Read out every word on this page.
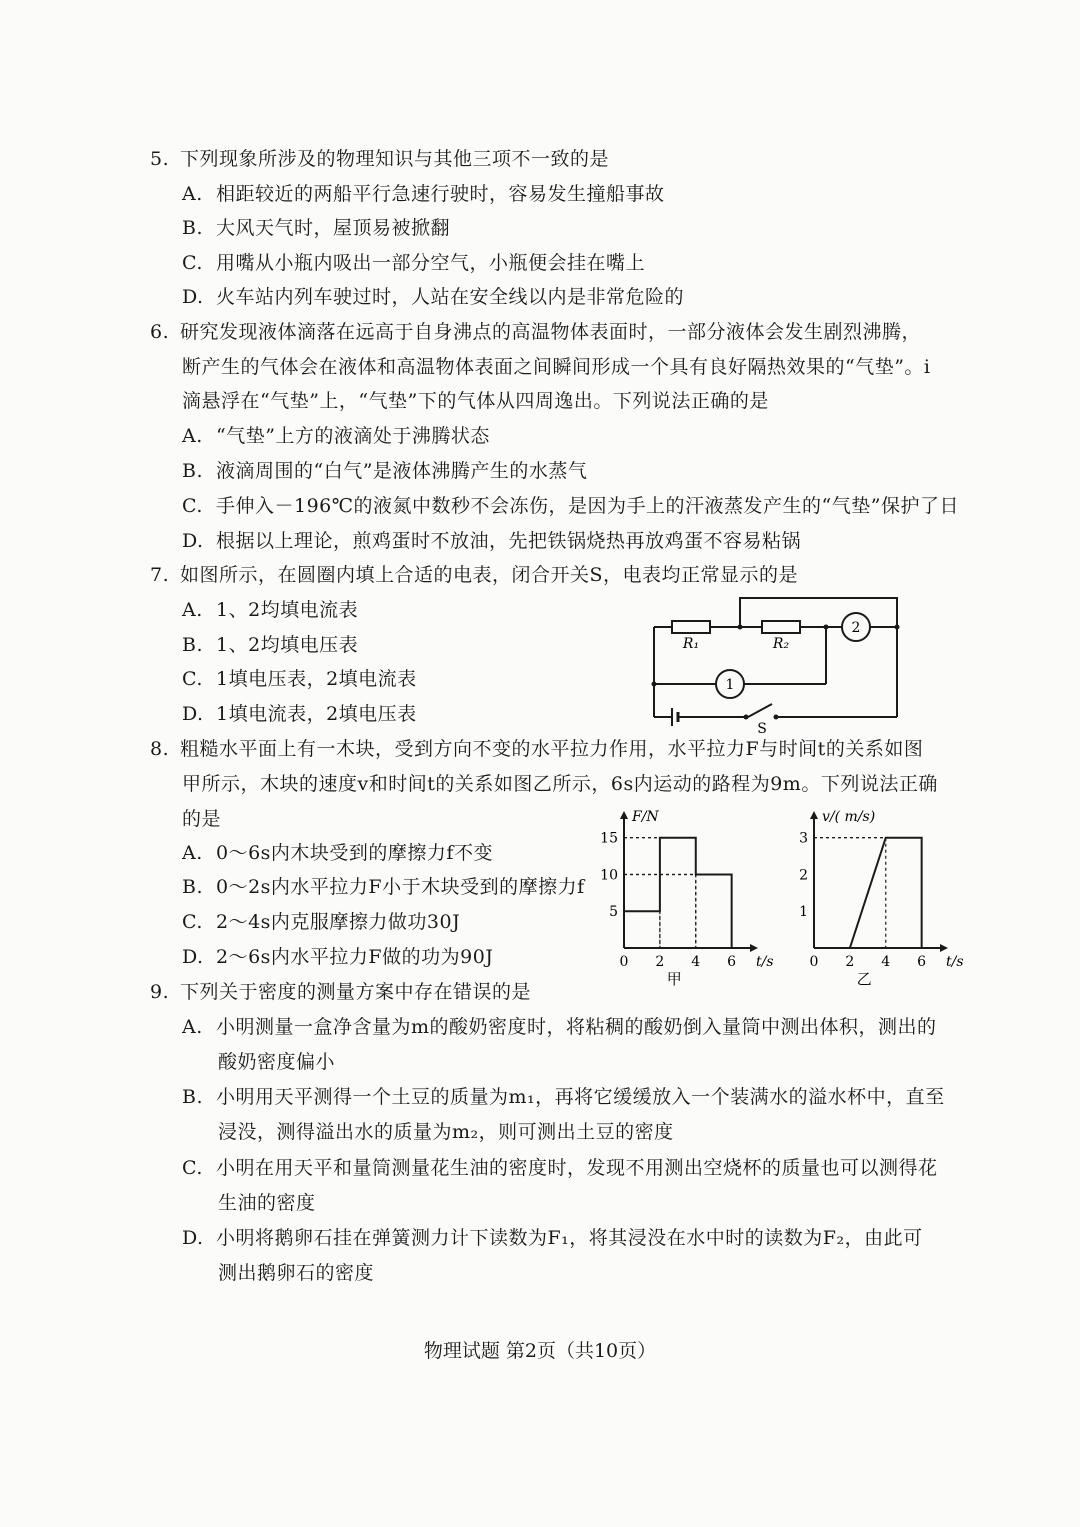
5. 下列现象所涉及的物理知识与其他三项不一致的是
A. 相距较近的两船平行急速行驶时，容易发生撞船事故
B. 大风天气时，屋顶易被掀翻
C. 用嘴从小瓶内吸出一部分空气，小瓶便会挂在嘴上
D. 火车站内列车驶过时，人站在安全线以内是非常危险的
6. 研究发现液体滴落在远高于自身沸点的高温物体表面时，一部分液体会发生剧烈沸腾，
断产生的气体会在液体和高温物体表面之间瞬间形成一个具有良好隔热效果的“气垫”。i
滴悬浮在“气垫”上，“气垫”下的气体从四周逸出。下列说法正确的是
A. “气垫”上方的液滴处于沸腾状态
B. 液滴周围的“白气”是液体沸腾产生的水蒸气
C. 手伸入－196℃的液氮中数秒不会冻伤，是因为手上的汗液蒸发产生的“气垫”保护了日
D. 根据以上理论，煎鸡蛋时不放油，先把铁锅烧热再放鸡蛋不容易粘锅
7. 如图所示，在圆圈内填上合适的电表，闭合开关S，电表均正常显示的是
A. 1、2均填电流表
B. 1、2均填电压表
C. 1填电压表，2填电流表
D. 1填电流表，2填电压表
R₁	R₂
2
1
S
8. 粗糙水平面上有一木块，受到方向不变的水平拉力作用，水平拉力F与时间t的关系如图
甲所示，木块的速度v和时间t的关系如图乙所示，6s内运动的路程为9m。下列说法正确
的是
A. 0～6s内木块受到的摩擦力f不变
B. 0～2s内水平拉力F小于木块受到的摩擦力f
C. 2～4s内克服摩擦力做功30J
D. 2～6s内水平拉力F做的功为90J
F/N
t/s
0 2 4 6
5
10
15
甲
v/( m/s)
t/s
0 2 4 6
1
2
3
乙
9. 下列关于密度的测量方案中存在错误的是
A. 小明测量一盒净含量为m的酸奶密度时，将粘稠的酸奶倒入量筒中测出体积，测出的
酸奶密度偏小
B. 小明用天平测得一个土豆的质量为m₁，再将它缓缓放入一个装满水的溢水杯中，直至
浸没，测得溢出水的质量为m₂，则可测出土豆的密度
C. 小明在用天平和量筒测量花生油的密度时，发现不用测出空烧杯的质量也可以测得花
生油的密度
D. 小明将鹅卵石挂在弹簧测力计下读数为F₁，将其浸没在水中时的读数为F₂，由此可
测出鹅卵石的密度
物理试题 第2页（共10页）
